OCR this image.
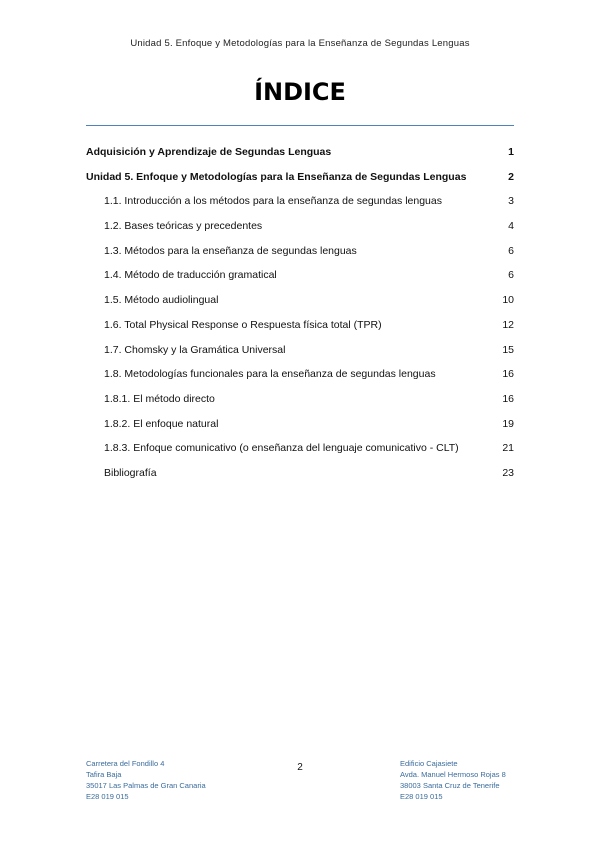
Unidad 5. Enfoque y Metodologías para la Enseñanza de Segundas Lenguas
ÍNDICE
Adquisición y Aprendizaje de Segundas Lenguas	1
Unidad 5. Enfoque y Metodologías para la Enseñanza de Segundas Lenguas	2
1.1. Introducción a los métodos para la enseñanza de segundas lenguas	3
1.2. Bases teóricas y precedentes	4
1.3. Métodos para la enseñanza de segundas lenguas	6
1.4. Método de traducción gramatical	6
1.5. Método audiolingual	10
1.6. Total Physical Response o Respuesta física total (TPR)	12
1.7. Chomsky y la Gramática Universal	15
1.8. Metodologías funcionales para la enseñanza de segundas lenguas	16
1.8.1. El método directo	16
1.8.2. El enfoque natural	19
1.8.3. Enfoque comunicativo (o enseñanza del lenguaje comunicativo - CLT)	21
Bibliografía	23
Carretera del Fondillo 4
Tafira Baja
35017 Las Palmas de Gran Canaria
E28 019 015
2	Edificio Cajasiete
Avda. Manuel Hermoso Rojas 8
38003 Santa Cruz de Tenerife
E28 019 015
